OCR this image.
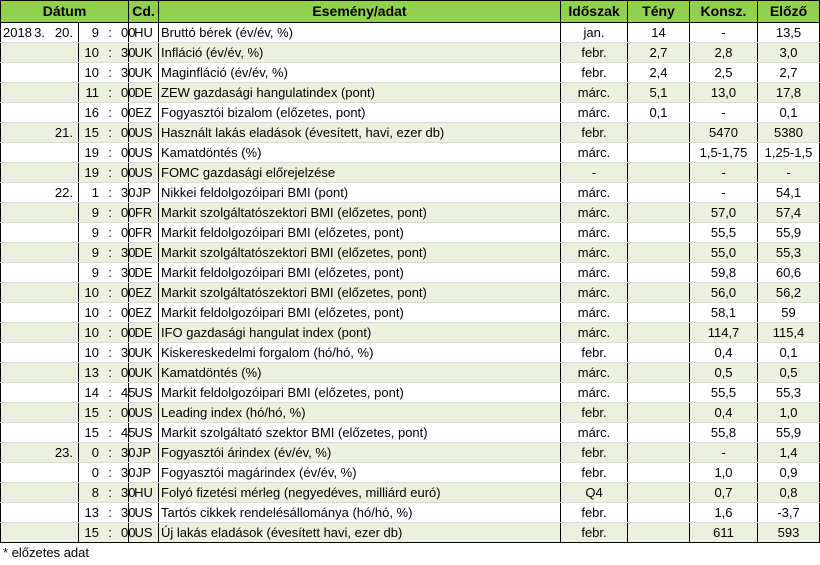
Dátum		Cd.	Esemény/adat	Időszak	Tény	Konsz.	Előző
2018 3. 20.	9 : 00	HU	Bruttó bérek (év/év, %)	jan.	14	-	13,5
	10 : 30	UK	Infláció (év/év, %)	febr.	2,7	2,8	3,0
	10 : 30	UK	Maginfláció (év/év, %)	febr.	2,4	2,5	2,7
	11 : 00	DE	ZEW gazdasági hangulatindex (pont)	márc.	5,1	13,0	17,8
	16 : 00	EZ	Fogyasztói bizalom (előzetes, pont)	márc.	0,1	-	0,1
21.	15 : 00	US	Használt lakás eladások (évesített, havi, ezer db)	febr.		5470	5380
	19 : 00	US	Kamatdöntés (%)	márc.		1,5-1,75	1,25-1,5
	19 : 00	US	FOMC gazdasági előrejelzése	-		-	-
22.	1 : 30	JP	Nikkei feldolgozóipari BMI (pont)	márc.		-	54,1
	9 : 00	FR	Markit szolgáltatószektori BMI (előzetes, pont)	márc.		57,0	57,4
	9 : 00	FR	Markit feldolgozóipari BMI (előzetes, pont)	márc.		55,5	55,9
	9 : 30	DE	Markit szolgáltatószektori BMI (előzetes, pont)	márc.		55,0	55,3
	9 : 30	DE	Markit feldolgozóipari BMI (előzetes, pont)	márc.		59,8	60,6
	10 : 00	EZ	Markit szolgáltatószektori BMI (előzetes, pont)	márc.		56,0	56,2
	10 : 00	EZ	Markit feldolgozóipari BMI (előzetes, pont)	márc.		58,1	59
	10 : 00	DE	IFO gazdasági hangulat index (pont)	márc.		114,7	115,4
	10 : 30	UK	Kiskereskedelmi forgalom (hó/hó, %)	febr.		0,4	0,1
	13 : 00	UK	Kamatdöntés (%)	márc.		0,5	0,5
	14 : 45	US	Markit feldolgozóipari BMI (előzetes, pont)	márc.		55,5	55,3
	15 : 00	US	Leading index (hó/hó, %)	febr.		0,4	1,0
	15 : 45	US	Markit szolgáltató szektor BMI (előzetes, pont)	márc.		55,8	55,9
23.	0 : 30	JP	Fogyasztói árindex (év/év, %)	febr.		-	1,4
	0 : 30	JP	Fogyasztói magárindex (év/év, %)	febr.		1,0	0,9
	8 : 30	HU	Folyó fizetési mérleg (negyedéves, milliárd euró)	Q4		0,7	0,8
	13 : 30	US	Tartós cikkek rendelésállománya (hó/hó, %)	febr.		1,6	-3,7
	15 : 00	US	Új lakás eladások (évesített havi, ezer db)	febr.		611	593
* előzetes adat
